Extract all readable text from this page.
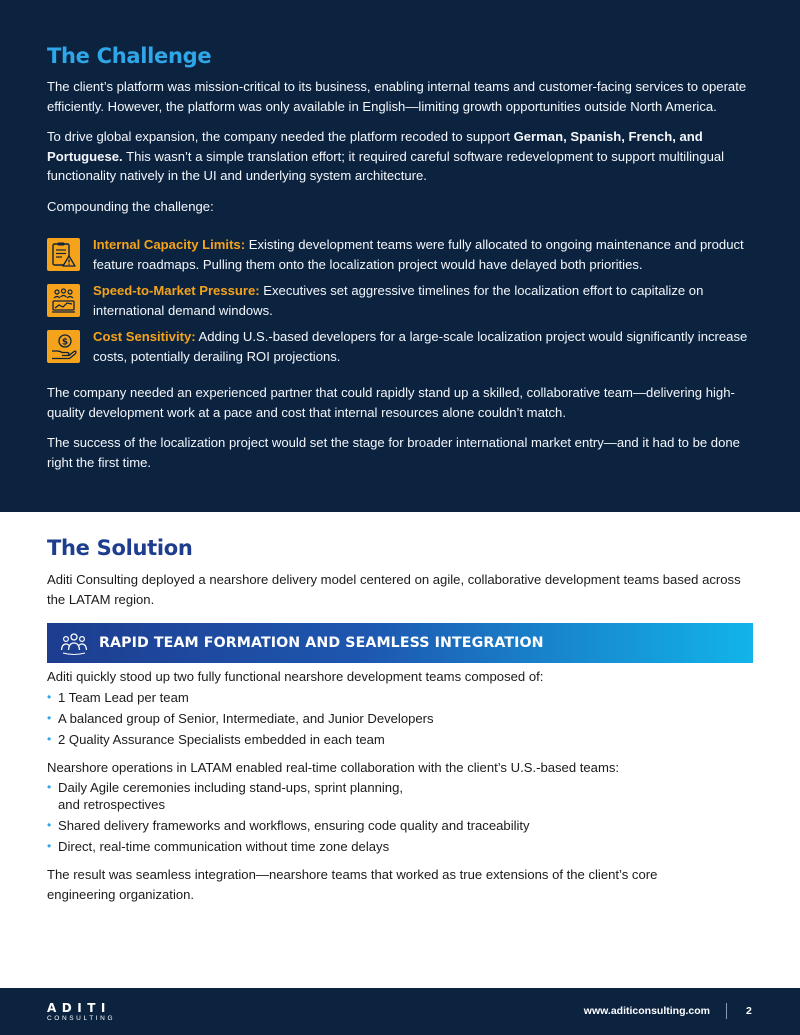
The Challenge

The client’s platform was mission-critical to its business, enabling internal teams and customer-facing services to operate efficiently. However, the platform was only available in English—limiting growth opportunities outside North America.

To drive global expansion, the company needed the platform recoded to support German, Spanish, French, and Portuguese. This wasn’t a simple translation effort; it required careful software redevelopment to support multilingual functionality natively in the UI and underlying system architecture.

Compounding the challenge:

Internal Capacity Limits: Existing development teams were fully allocated to ongoing maintenance and product feature roadmaps. Pulling them onto the localization project would have delayed both priorities.
Speed-to-Market Pressure: Executives set aggressive timelines for the localization effort to capitalize on international demand windows.
$ Cost Sensitivity: Adding U.S.-based developers for a large-scale localization project would significantly increase costs, potentially derailing ROI projections.

The company needed an experienced partner that could rapidly stand up a skilled, collaborative team—delivering high-quality development work at a pace and cost that internal resources alone couldn’t match.

The success of the localization project would set the stage for broader international market entry—and it had to be done right the first time.

The Solution

Aditi Consulting deployed a nearshore delivery model centered on agile, collaborative development teams based across the LATAM region.

RAPID TEAM FORMATION AND SEAMLESS INTEGRATION

Aditi quickly stood up two fully functional nearshore development teams composed of:

• 1 Team Lead per team
• A balanced group of Senior, Intermediate, and Junior Developers
• 2 Quality Assurance Specialists embedded in each team

Nearshore operations in LATAM enabled real-time collaboration with the client’s U.S.-based teams:

• Daily Agile ceremonies including stand-ups, sprint planning,
and retrospectives
• Shared delivery frameworks and workflows, ensuring code quality and traceability
• Direct, real-time communication without time zone delays

The result was seamless integration—nearshore teams that worked as true extensions of the client’s core engineering organization.

ADITI
CONSULTING
www.aditiconsulting.com	2
